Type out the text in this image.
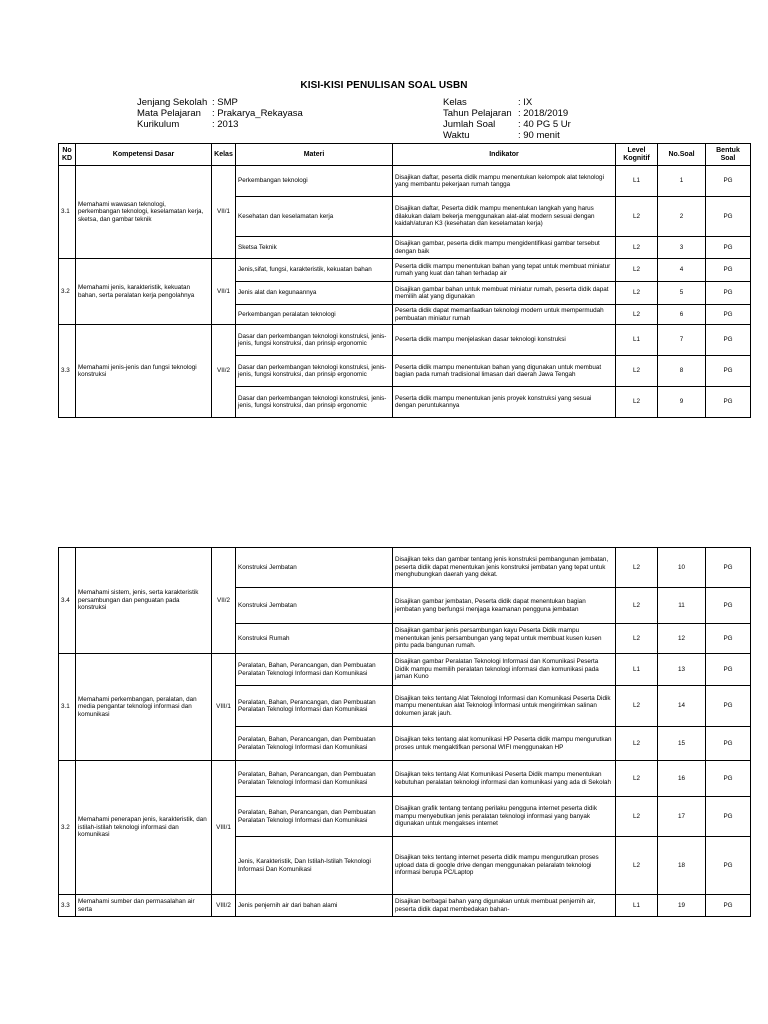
KISI-KISI PENULISAN SOAL USBN
Jenjang Sekolah : SMP
Mata Pelajaran : Prakarya_Rekayasa
Kurikulum	: 2013
Kelas	: IX
Tahun Pelajaran : 2018/2019
Jumlah Soal : 40 PG 5 Ur
Waktu	: 90 menit
No KD	Kompetensi Dasar	Kelas	Materi	Indikator	Level Kognitif	No.Soal	Bentuk Soal
3.1	Memahami wawasan teknologi, perkembangan teknologi, keselamatan kerja, sketsa, dan gambar teknik	VII/1	Perkembangan teknologi	Disajikan daftar, peserta didik mampu menentukan kelompok alat teknologi yang membantu pekerjaan rumah tangga	L1	1	PG
			Kesehatan dan keselamatan kerja	Disajikan daftar, Peserta didik mampu menentukan langkah yang harus dilakukan dalam bekerja menggunakan alat-alat modern sesuai dengan kaidah/aturan K3 (kesehatan dan keselamatan kerja)	L2	2	PG
			Sketsa Teknik	Disajikan gambar, peserta didik mampu mengidentifikasi gambar tersebut dengan baik	L2	3	PG
3.2	Memahami jenis, karakteristik, kekuatan bahan, serta peralatan kerja pengolahnya	VII/1	Jenis,sifat, fungsi, karakteristik, kekuatan bahan	Peserta didik mampu menentukan bahan yang tepat untuk membuat miniatur rumah yang kuat dan tahan terhadap air	L2	4	PG
			Jenis alat dan kegunaannya	Disajikan gambar bahan untuk membuat miniatur rumah, peserta didik dapat memilih alat yang digunakan	L2	5	PG
			Perkembangan peralatan teknologi	Peserta didik dapat memanfaatkan teknologi modern untuk mempermudah pembuatan miniatur rumah	L2	6	PG
3.3	Memahami jenis-jenis dan fungsi teknologi konstruksi	VII/2	Dasar dan perkembangan teknologi konstruksi, jenis-jenis, fungsi konstruksi, dan prinsip ergonomic	Peserta didik mampu menjelaskan dasar teknologi konstruksi	L1	7	PG
			Dasar dan perkembangan teknologi konstruksi, jenis-jenis, fungsi konstruksi, dan prinsip ergonomic	Peserta didik mampu menentukan bahan yang digunakan untuk membuat bagian pada rumah tradisional limasan dari daerah Jawa Tengah	L2	8	PG
			Dasar dan perkembangan teknologi konstruksi, jenis-jenis, fungsi konstruksi, dan prinsip ergonomic	Peserta didik mampu menentukan jenis proyek konstruksi yang sesuai dengan peruntukannya	L2	9	PG
3.4	Memahami sistem, jenis, serta karakteristik persambungan dan penguatan pada konstruksi	VII/2	Konstruksi Jembatan	Disajikan teks dan gambar tentang jenis konstruksi pembangunan jembatan, peserta didik dapat menentukan jenis konstruksi jembatan yang tepat untuk menghubungkan daerah yang dekat.	L2	10	PG
			Konstruksi Jembatan	Disajikan gambar jembatan, Peserta didik dapat menentukan bagian jembatan yang berfungsi menjaga keamanan pengguna jembatan	L2	11	PG
			Konstruksi Rumah	Disajikan gambar jenis persambungan kayu Peserta Didik mampu menentukan jenis persambungan yang tepat untuk membuat kusen kusen pintu pada bangunan rumah.	L2	12	PG
3.1	Memahami perkembangan, peralatan, dan media pengantar teknologi informasi dan komunikasi	VIII/1	Peralatan, Bahan, Perancangan, dan Pembuatan Peralatan Teknologi Informasi dan Komunikasi	Disajikan gambar Peralatan Teknologi Informasi dan Komunikasi Peserta Didik mampu memilih peralatan teknologi informasi dan komunikasi pada jaman Kuno	L1	13	PG
			Peralatan, Bahan, Perancangan, dan Pembuatan Peralatan Teknologi Informasi dan Komunikasi	Disajikan teks tentang Alat Teknologi Informasi dan Komunikasi Peserta Didik mampu menentukan alat Teknologi Informasi untuk mengirimkan salinan dokumen jarak jauh.	L2	14	PG
			Peralatan, Bahan, Perancangan, dan Pembuatan Peralatan Teknologi Informasi dan Komunikasi	Disajikan teks tentang alat komunikasi HP Peserta didik mampu mengurutkan proses untuk mengaktifkan personal WIFI menggunakan HP	L2	15	PG
3.2	Memahami penerapan jenis, karakteristik, dan istilah-istilah teknologi informasi dan komunikasi	VIII/1	Peralatan, Bahan, Perancangan, dan Pembuatan Peralatan Teknologi Informasi dan Komunikasi	Disajikan teks tentang Alat Komunikasi Peserta Didik mampu menentukan kebutuhan peralatan teknologi informasi dan komunikasi yang ada di Sekolah	L2	16	PG
			Peralatan, Bahan, Perancangan, dan Pembuatan Peralatan Teknologi Informasi dan Komunikasi	Disajikan grafik tentang tentang perilaku pengguna internet peserta didik mampu menyebutkan jenis peralatan teknologi informasi yang banyak digunakan untuk mengakses internet	L2	17	PG
			Jenis, Karakteristik, Dan Istilah-Istilah Teknologi Informasi Dan Komunikasi	Disajikan teks tentang internet peserta didik mampu mengurutkan proses upload data di google drive dengan menggunakan pelaralatn teknologi informasi berupa PC/Laptop	L2	18	PG
3.3	Memahami sumber dan permasalahan air serta	VIII/2	Jenis penjernih air dari bahan alami	Disajikan berbagai bahan yang digunakan untuk membuat penjernih air, peserta didik dapat membedakan bahan-	L1	19	PG
